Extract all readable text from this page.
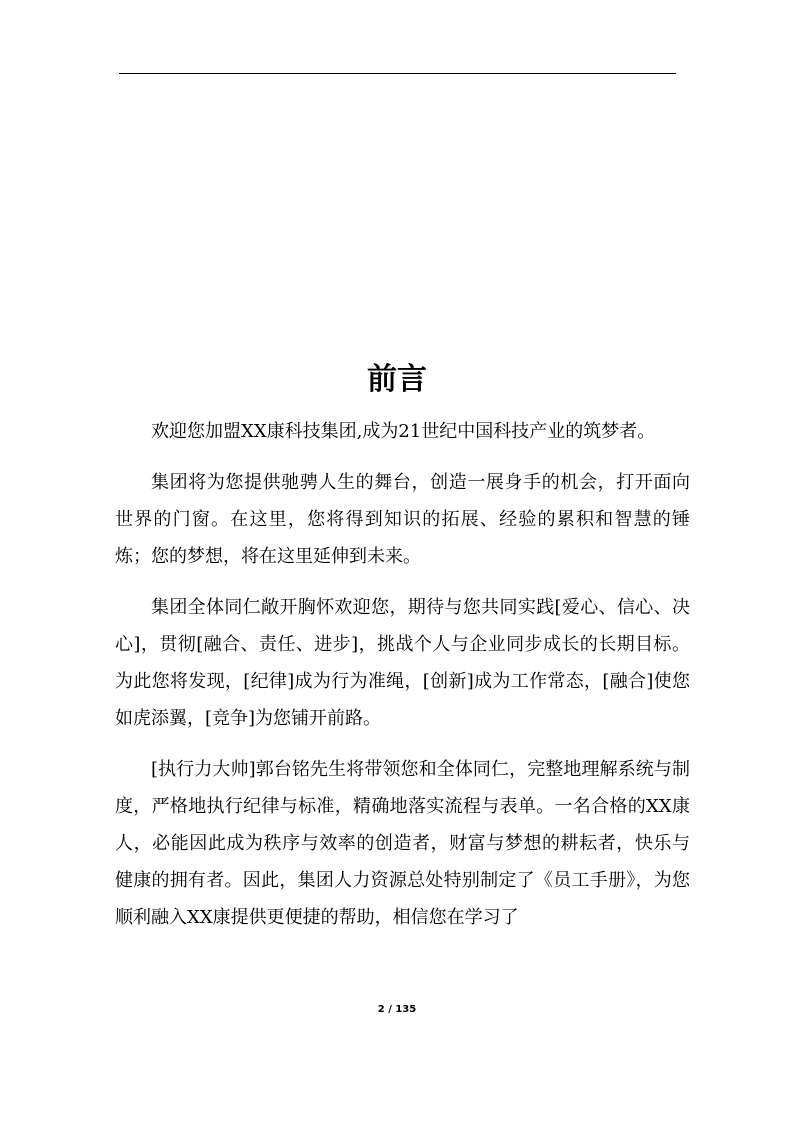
前言

欢迎您加盟XX康科技集团,成为21世纪中国科技产业的筑梦者。

集团将为您提供驰骋人生的舞台，创造一展身手的机会，打开面向世界的门窗。在这里，您将得到知识的拓展、经验的累积和智慧的锤炼；您的梦想，将在这里延伸到未来。

集团全体同仁敞开胸怀欢迎您，期待与您共同实践[爱心、信心、决心]，贯彻[融合、责任、进步]，挑战个人与企业同步成长的长期目标。为此您将发现，[纪律]成为行为准绳，[创新]成为工作常态，[融合]使您如虎添翼，[竞争]为您铺开前路。

[执行力大帅]郭台铭先生将带领您和全体同仁，完整地理解系统与制度，严格地执行纪律与标准，精确地落实流程与表单。一名合格的XX康人，必能因此成为秩序与效率的创造者，财富与梦想的耕耘者，快乐与健康的拥有者。因此，集团人力资源总处特别制定了《员工手册》，为您顺利融入XX康提供更便捷的帮助，相信您在学习了

2 / 135
